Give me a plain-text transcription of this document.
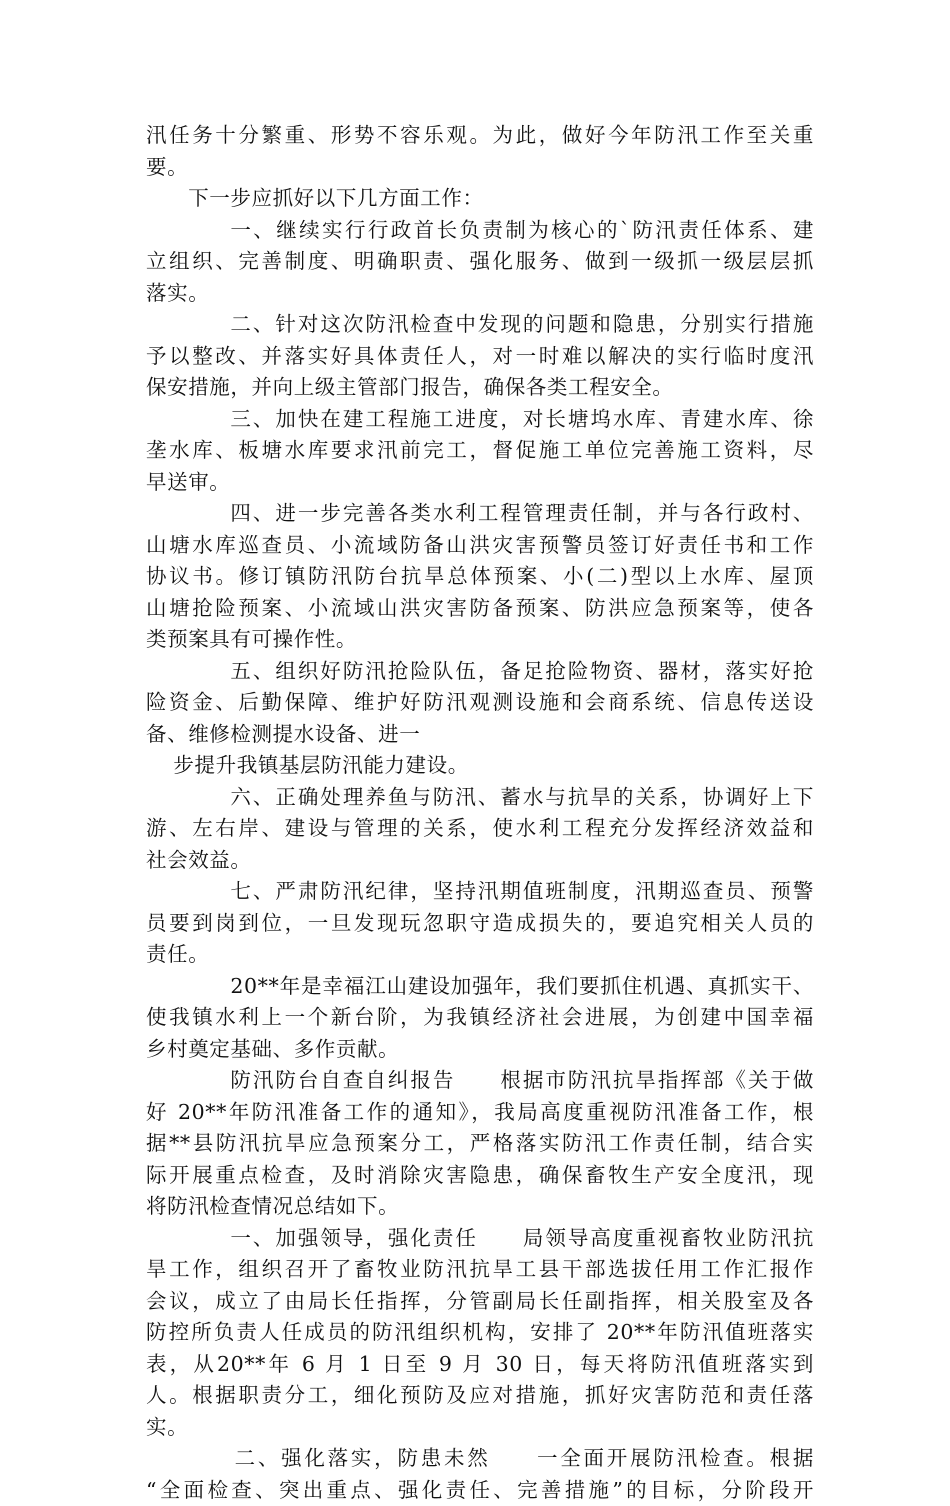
汛任务十分繁重、形势不容乐观。为此，做好今年防汛工作至关重
要。
下一步应抓好以下几方面工作：
一、继续实行行政首长负责制为核心的`防汛责任体系、建
立组织、完善制度、明确职责、强化服务、做到一级抓一级层层抓
落实。
二、针对这次防汛检查中发现的问题和隐患，分别实行措施
予以整改、并落实好具体责任人，对一时难以解决的实行临时度汛
保安措施，并向上级主管部门报告，确保各类工程安全。
三、加快在建工程施工进度，对长塘坞水库、青建水库、徐
垄水库、板塘水库要求汛前完工，督促施工单位完善施工资料，尽
早送审。
四、进一步完善各类水利工程管理责任制，并与各行政村、
山塘水库巡查员、小流域防备山洪灾害预警员签订好责任书和工作
协议书。修订镇防汛防台抗旱总体预案、小(二)型以上水库、屋顶
山塘抢险预案、小流域山洪灾害防备预案、防洪应急预案等，使各
类预案具有可操作性。
五、组织好防汛抢险队伍，备足抢险物资、器材，落实好抢
险资金、后勤保障、维护好防汛观测设施和会商系统、信息传送设
备、维修检测提水设备、进一
步提升我镇基层防汛能力建设。
六、正确处理养鱼与防汛、蓄水与抗旱的关系，协调好上下
游、左右岸、建设与管理的关系，使水利工程充分发挥经济效益和
社会效益。
七、严肃防汛纪律，坚持汛期值班制度，汛期巡查员、预警
员要到岗到位，一旦发现玩忽职守造成损失的，要追究相关人员的
责任。
20**年是幸福江山建设加强年，我们要抓住机遇、真抓实干、
使我镇水利上一个新台阶，为我镇经济社会进展，为创建中国幸福
乡村奠定基础、多作贡献。
防汛防台自查自纠报告　　根据市防汛抗旱指挥部《关于做
好 20**年防汛准备工作的通知》，我局高度重视防汛准备工作，根
据**县防汛抗旱应急预案分工，严格落实防汛工作责任制，结合实
际开展重点检查，及时消除灾害隐患，确保畜牧生产安全度汛，现
将防汛检查情况总结如下。
一、加强领导，强化责任　　局领导高度重视畜牧业防汛抗
旱工作，组织召开了畜牧业防汛抗旱工县干部选拔任用工作汇报作
会议，成立了由局长任指挥，分管副局长任副指挥，相关股室及各
防控所负责人任成员的防汛组织机构，安排了 20**年防汛值班落实
表，从20**年 6 月 1 日至 9 月 30 日，每天将防汛值班落实到
人。根据职责分工，细化预防及应对措施，抓好灾害防范和责任落
实。
二、强化落实，防患未然　　一全面开展防汛检查。根据
“全面检查、突出重点、强化责任、完善措施”的目标，分阶段开
